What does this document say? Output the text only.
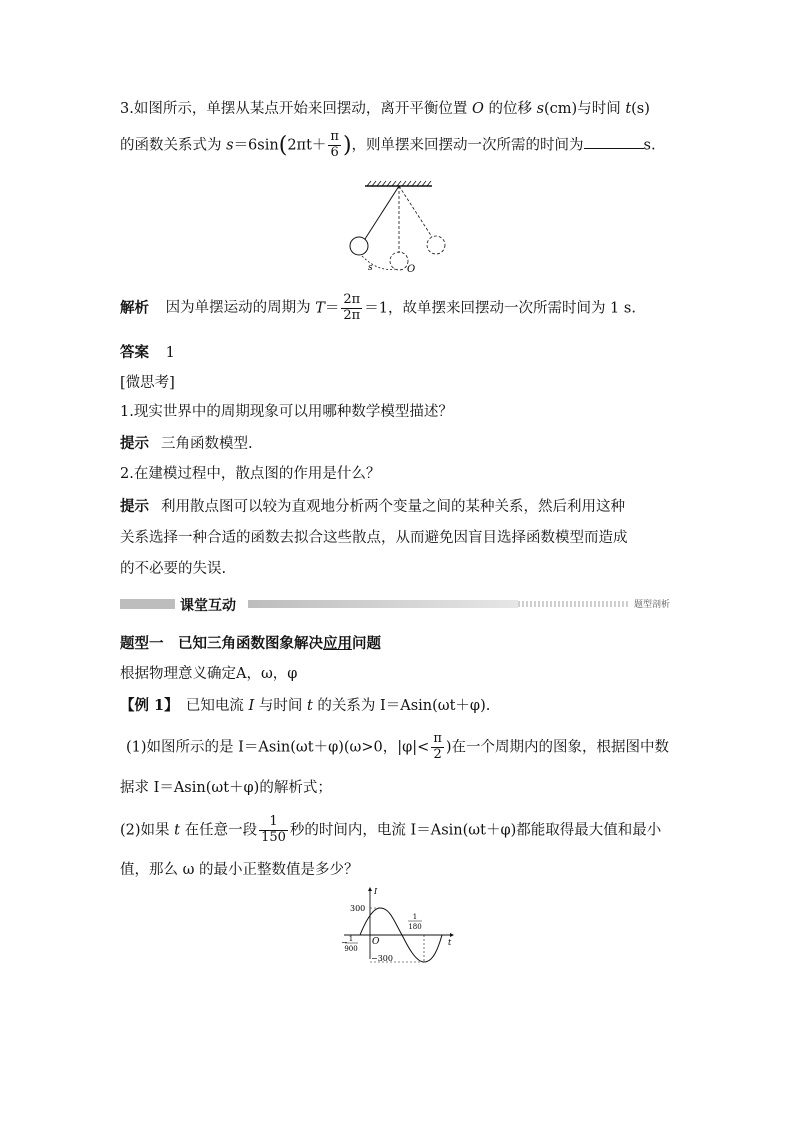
3.如图所示，单摆从某点开始来回摆动，离开平衡位置 O 的位移 s(cm)与时间 t(s)
的函数关系式为 $s=6\sin(2\pi t+ \frac{\pi}{6}$ )，则单摆来回摆动一次所需的时间为	s.
s	O
解析 因为单摆运动的周期为 $T= \frac{2\pi}{2\pi} =1$，故单摆来回摆动一次所需时间为 1 s.
答案 1
[微思考]
1.现实世界中的周期现象可以用哪种数学模型描述？
提示 三角函数模型.
2.在建模过程中，散点图的作用是什么？
提示 利用散点图可以较为直观地分析两个变量之间的某种关系，然后利用这种
关系选择一种合适的函数去拟合这些散点，从而避免因盲目选择函数模型而造成
的不必要的失误.
课堂互动	题型剖析
题型一　已知三角函数图象解决应用问题
根据物理意义确定A，ω，φ
【例 1】　已知电流 I 与时间 t 的关系为 I＝Asin(ωt＋φ).
(1)如图所示的是 I＝Asin(ωt＋φ)(ω>0，$|\varphi|< \frac{\pi}{2}$ )在一个周期内的图象，根据图中数
据求 I＝Asin(ωt＋φ)的解析式；
(2)如果 t 在任意一段 $\frac{1}{150}$ 秒的时间内，电流 I＝Asin(ωt＋φ)都能取得最大值和最小
值，那么 ω 的最小正整数值是多少？
I
t
O
300
−300
− 1
900
1
180
